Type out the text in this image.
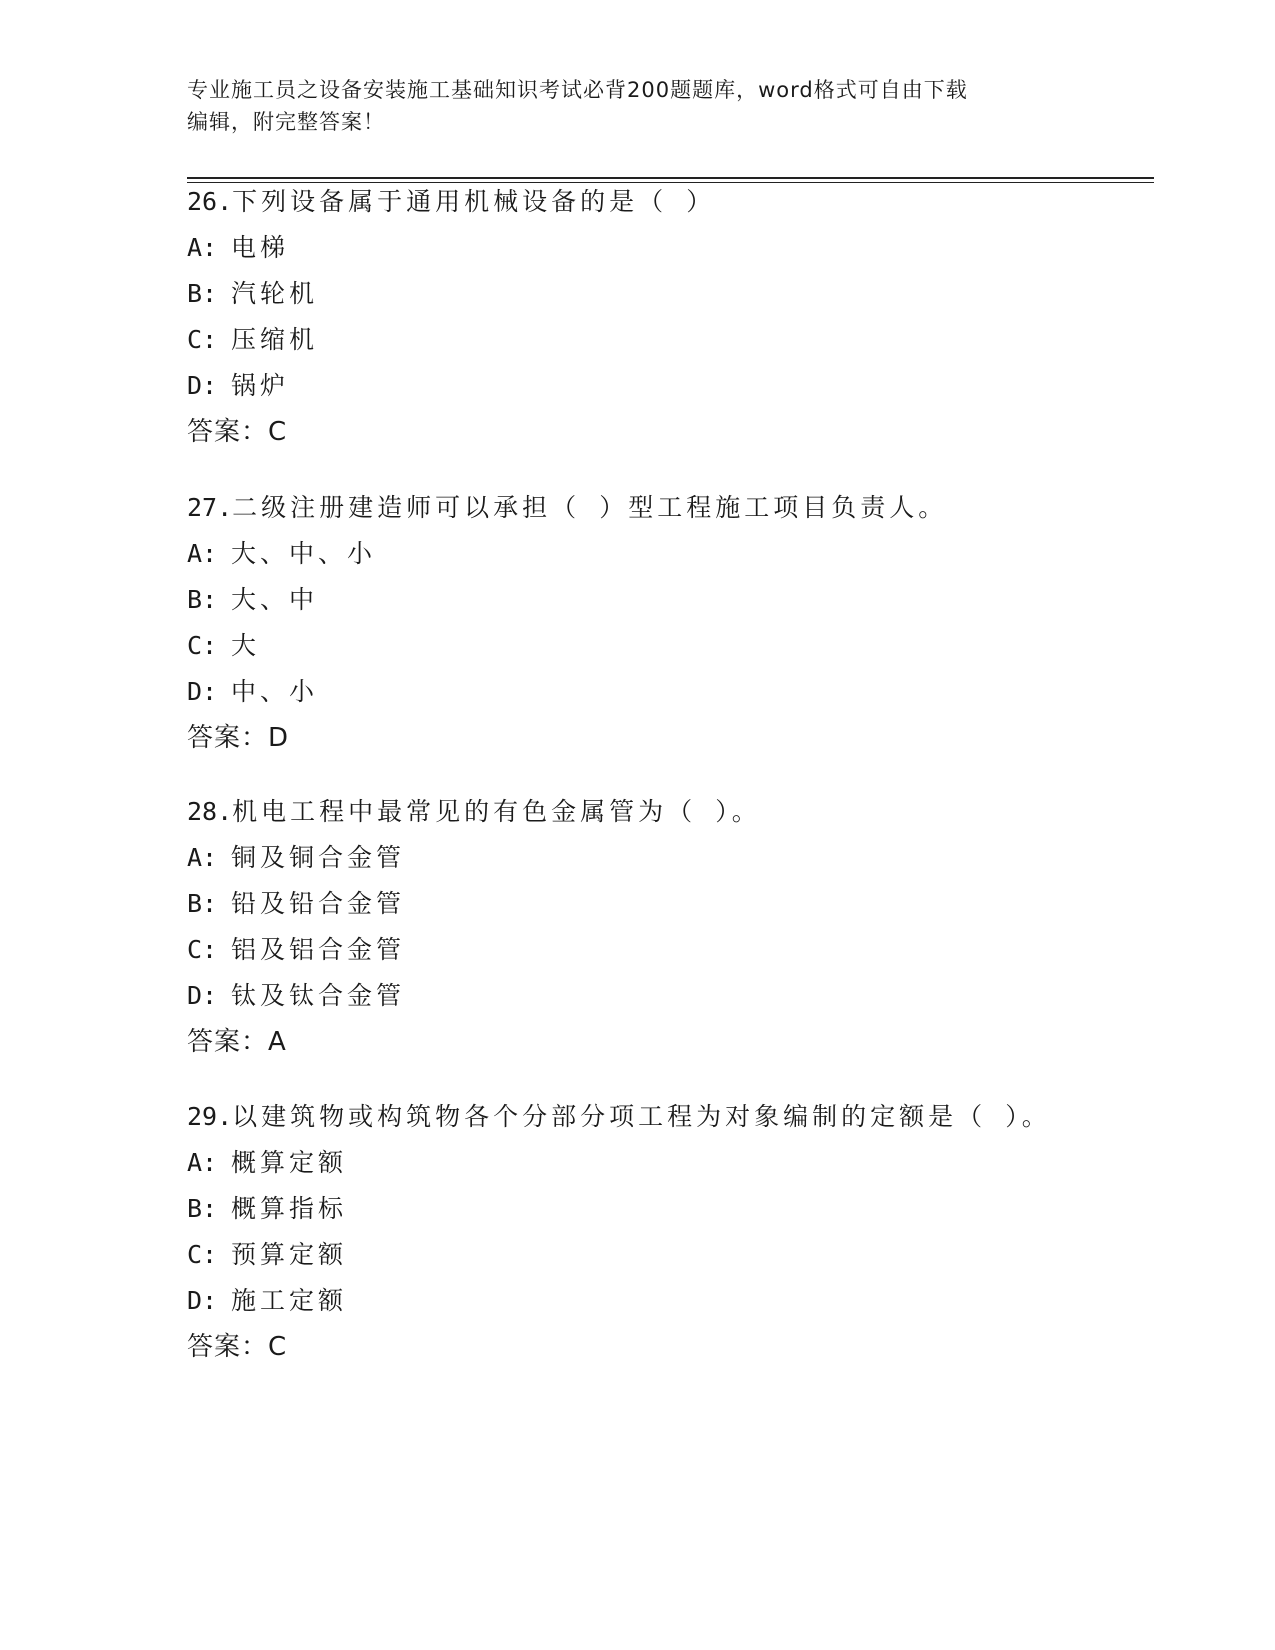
专业施工员之设备安装施工基础知识考试必背200题题库，word格式可自由下载
编辑，附完整答案！
26.下列设备属于通用机械设备的是（ ）
A: 电梯
B: 汽轮机
C: 压缩机
D: 锅炉
答案：C
27.二级注册建造师可以承担（ ）型工程施工项目负责人。
A: 大、中、小
B: 大、中
C: 大
D: 中、小
答案：D
28.机电工程中最常见的有色金属管为（ ）。
A: 铜及铜合金管
B: 铅及铅合金管
C: 铝及铝合金管
D: 钛及钛合金管
答案：A
29.以建筑物或构筑物各个分部分项工程为对象编制的定额是（ ）。
A: 概算定额
B: 概算指标
C: 预算定额
D: 施工定额
答案：C
